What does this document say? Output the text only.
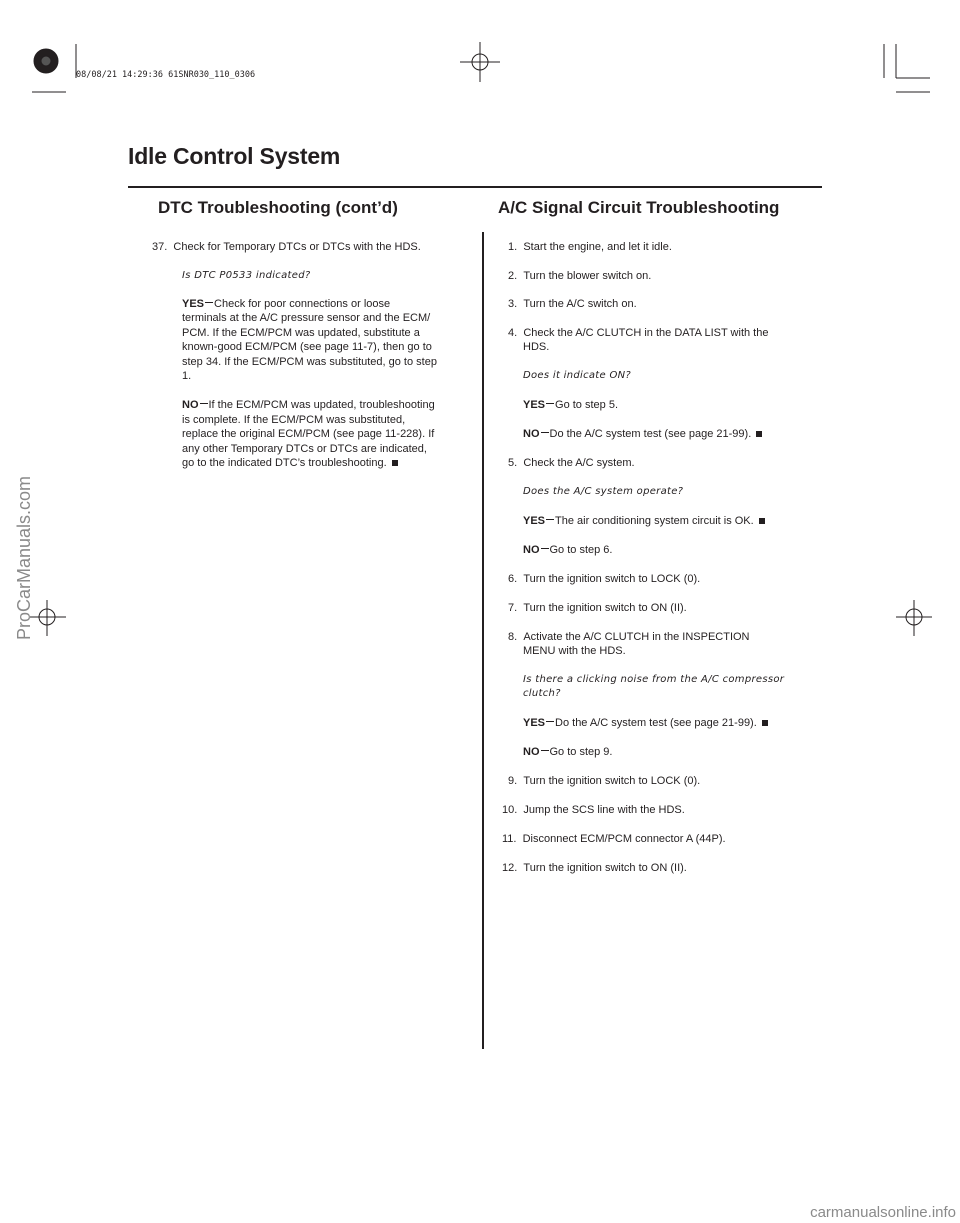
08/08/21 14:29:36 61SNR030_110_0306
Idle Control System
DTC Troubleshooting (cont’d)	A/C Signal Circuit Troubleshooting
37. Check for Temporary DTCs or DTCs with the HDS.
Is DTC P0533 indicated?
YES Check for poor connections or loose
terminals at the A/C pressure sensor and the ECM/
PCM. If the ECM/PCM was updated, substitute a
known-good ECM/PCM (see page 11-7), then go to
step 34. If the ECM/PCM was substituted, go to step
1.
NO If the ECM/PCM was updated, troubleshooting
is complete. If the ECM/PCM was substituted,
replace the original ECM/PCM (see page 11-228). If
any other Temporary DTCs or DTCs are indicated,
go to the indicated DTC’s troubleshooting.
1. Start the engine, and let it idle.
2. Turn the blower switch on.
3. Turn the A/C switch on.
4. Check the A/C CLUTCH in the DATA LIST with the
HDS.
Does it indicate ON?
YES Go to step 5.
NO Do the A/C system test (see page 21-99).
5. Check the A/C system.
Does the A/C system operate?
YES The air conditioning system circuit is OK.
NO Go to step 6.
6. Turn the ignition switch to LOCK (0).
7. Turn the ignition switch to ON (II).
8. Activate the A/C CLUTCH in the INSPECTION
MENU with the HDS.
Is there a clicking noise from the A/C compressor
clutch?
YES Do the A/C system test (see page 21-99).
NO Go to step 9.
9. Turn the ignition switch to LOCK (0).
10. Jump the SCS line with the HDS.
11. Disconnect ECM/PCM connector A (44P).
12. Turn the ignition switch to ON (II).
ProCarManuals.com
carmanualsonline.info
